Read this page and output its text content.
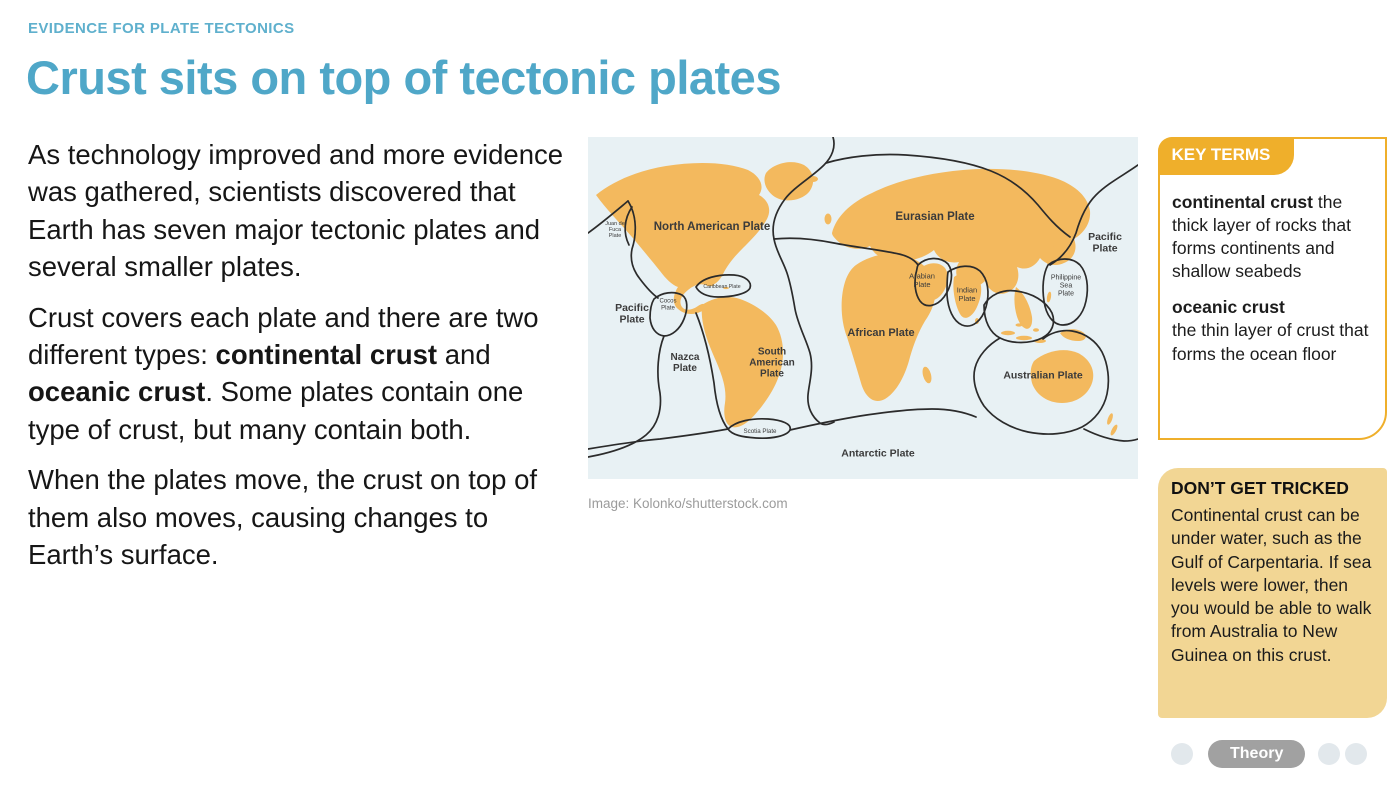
EVIDENCE FOR PLATE TECTONICS
Crust sits on top of tectonic plates

As technology improved and more evidence was gathered, scientists discovered that Earth has seven major tectonic plates and several smaller plates.

Crust covers each plate and there are two different types: continental crust and oceanic crust. Some plates contain one type of crust, but many contain both.

When the plates move, the crust on top of them also moves, causing changes to Earth’s surface.

Juan de Fuca Plate
North American Plate
Eurasian Plate
Pacific Plate
Philippine Sea Plate
Arabian Plate
Indian Plate
African Plate
Caribbean Plate
Cocos Plate
Pacific Plate
Nazca Plate
South American Plate	Australian Plate
Scotia Plate
Antarctic Plate
Image: Kolonko/shutterstock.com
KEY TERMS

continental crust the thick layer of rocks that forms continents and shallow seabeds

oceanic crust
the thin layer of crust that forms the ocean floor

DON’T GET TRICKED

Continental crust can be under water, such as the Gulf of Carpentaria. If sea levels were lower, then you would be able to walk from Australia to New Guinea on this crust.

Theory
